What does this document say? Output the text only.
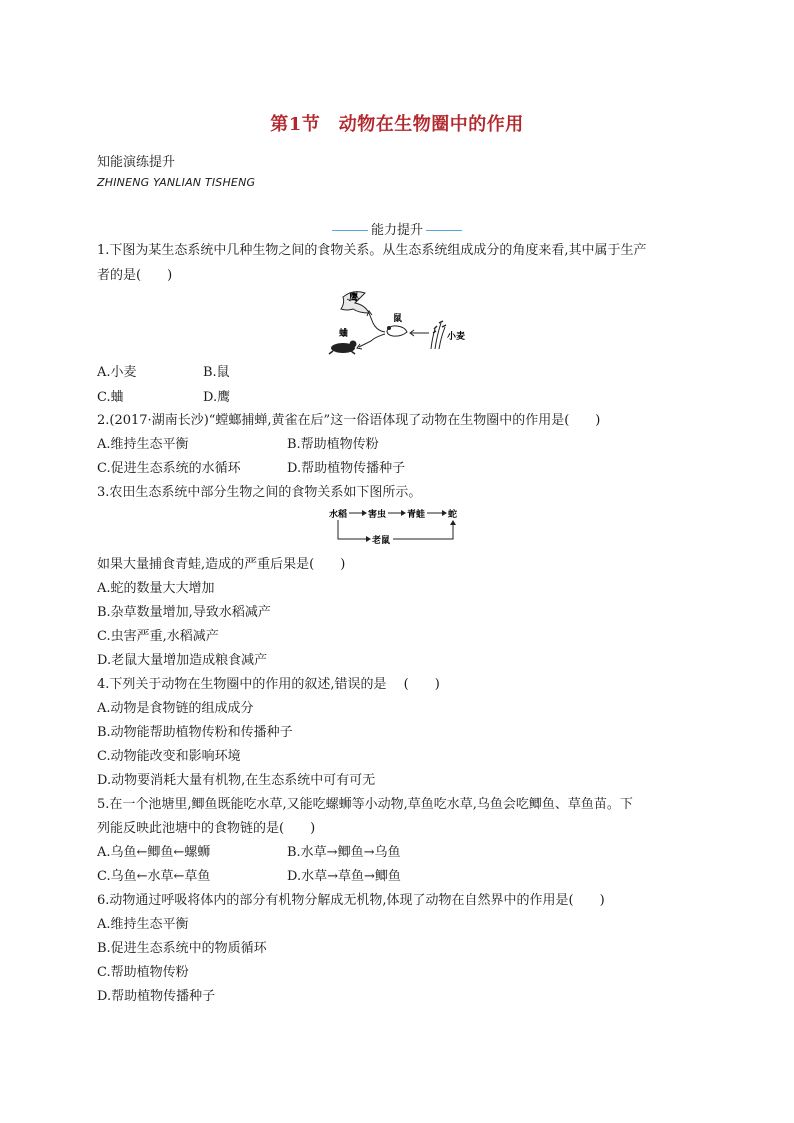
第1节　动物在生物圈中的作用
知能演练提升
ZHINENG YANLIAN TISHENG
能力提升
1.下图为某生态系统中几种生物之间的食物关系。从生态系统组成成分的角度来看,其中属于生产
者的是(　　)
鹰
蛐
鼠
小麦
A.小麦	B.鼠
C.蛐	D.鹰
2.(2017·湖南长沙)“螳螂捕蝉,黄雀在后”这一俗语体现了动物在生物圈中的作用是(　　)
A.维持生态平衡	B.帮助植物传粉
C.促进生态系统的水循环	D.帮助植物传播种子
3.农田生态系统中部分生物之间的食物关系如下图所示。
水稻 害虫 青蛙	蛇
老鼠
如果大量捕食青蛙,造成的严重后果是(　　)
A.蛇的数量大大增加
B.杂草数量增加,导致水稻减产
C.虫害严重,水稻减产
D.老鼠大量增加造成粮食减产
4.下列关于动物在生物圈中的作用的叙述,错误的是　 (　　)
A.动物是食物链的组成成分
B.动物能帮助植物传粉和传播种子
C.动物能改变和影响环境
D.动物要消耗大量有机物,在生态系统中可有可无
5.在一个池塘里,鲫鱼既能吃水草,又能吃螺蛳等小动物,草鱼吃水草,乌鱼会吃鲫鱼、草鱼苗。下
列能反映此池塘中的食物链的是(　　)
A.乌鱼←鲫鱼←螺蛳	B.水草→鲫鱼→乌鱼
C.乌鱼←水草←草鱼	D.水草→草鱼→鲫鱼
6.动物通过呼吸将体内的部分有机物分解成无机物,体现了动物在自然界中的作用是(　　)
A.维持生态平衡
B.促进生态系统中的物质循环
C.帮助植物传粉
D.帮助植物传播种子
